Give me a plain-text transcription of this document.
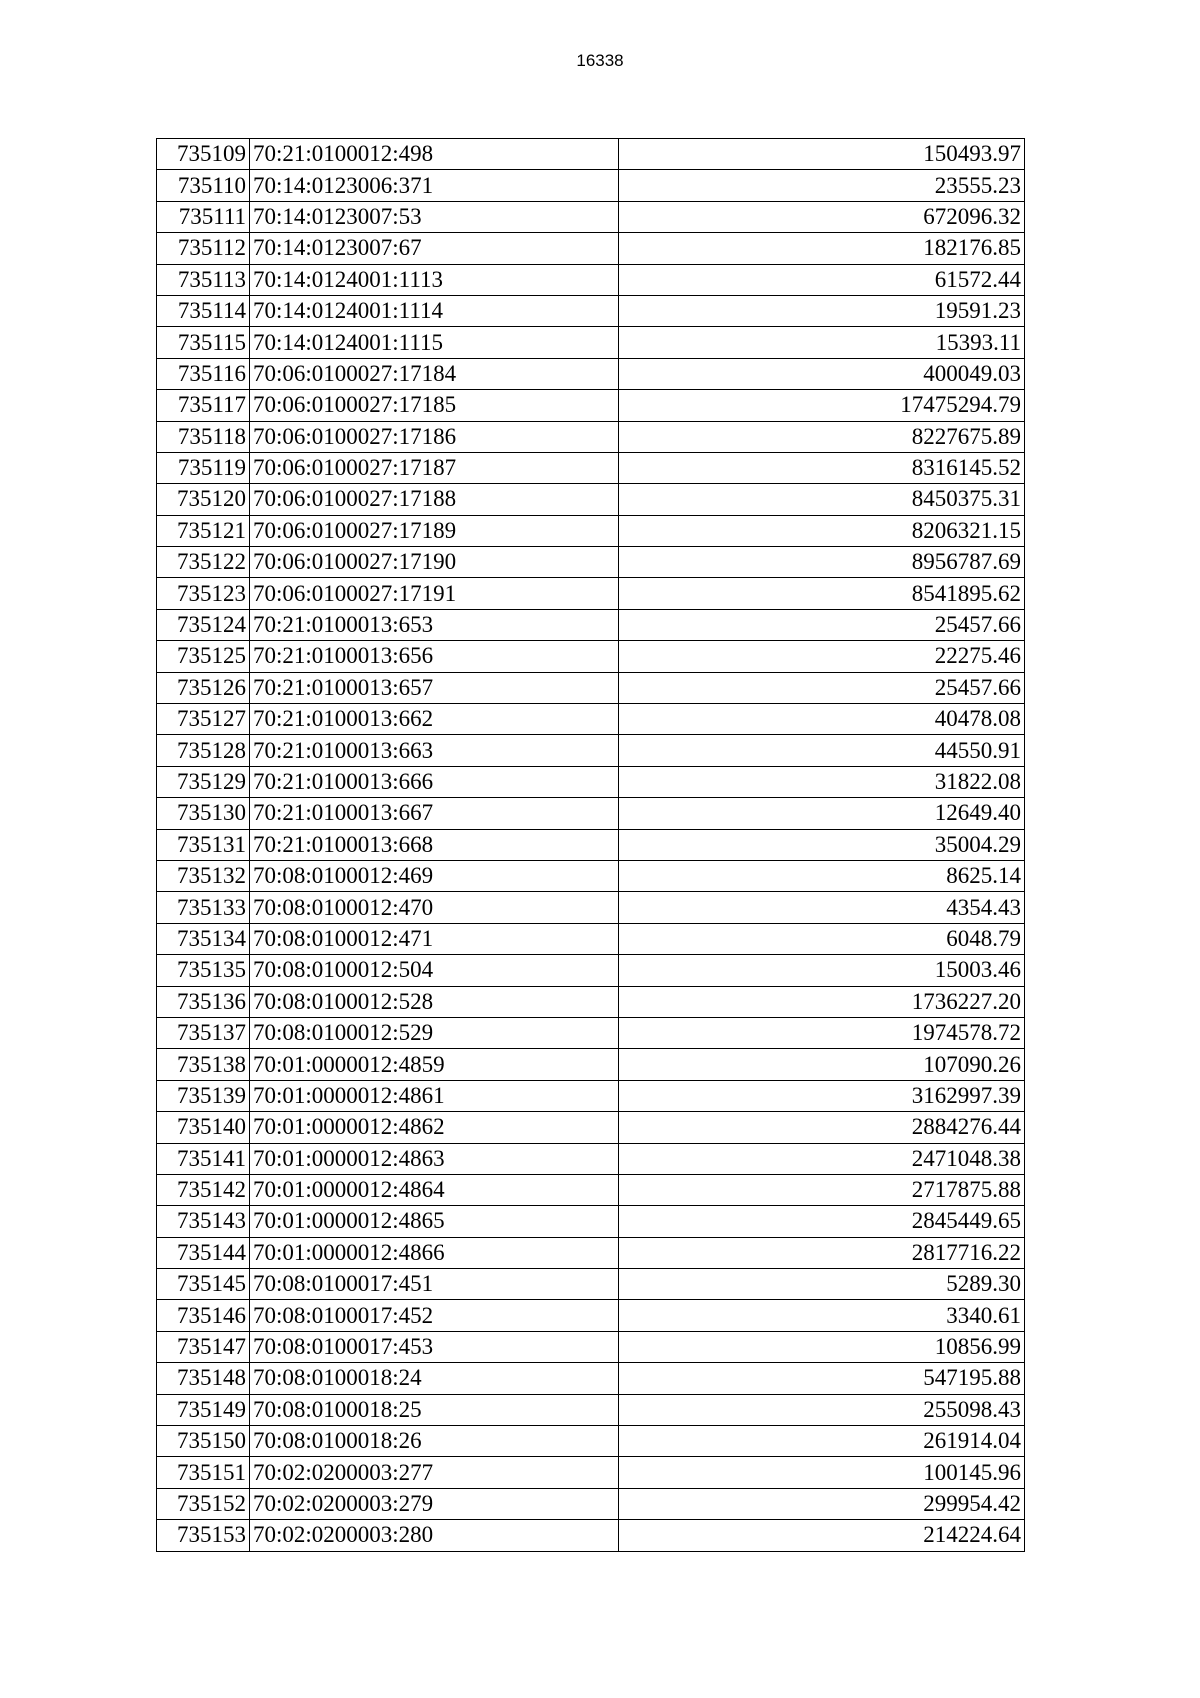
16338
735109	70:21:0100012:498	150493.97
735110	70:14:0123006:371	23555.23
735111	70:14:0123007:53	672096.32
735112	70:14:0123007:67	182176.85
735113	70:14:0124001:1113	61572.44
735114	70:14:0124001:1114	19591.23
735115	70:14:0124001:1115	15393.11
735116	70:06:0100027:17184	400049.03
735117	70:06:0100027:17185	17475294.79
735118	70:06:0100027:17186	8227675.89
735119	70:06:0100027:17187	8316145.52
735120	70:06:0100027:17188	8450375.31
735121	70:06:0100027:17189	8206321.15
735122	70:06:0100027:17190	8956787.69
735123	70:06:0100027:17191	8541895.62
735124	70:21:0100013:653	25457.66
735125	70:21:0100013:656	22275.46
735126	70:21:0100013:657	25457.66
735127	70:21:0100013:662	40478.08
735128	70:21:0100013:663	44550.91
735129	70:21:0100013:666	31822.08
735130	70:21:0100013:667	12649.40
735131	70:21:0100013:668	35004.29
735132	70:08:0100012:469	8625.14
735133	70:08:0100012:470	4354.43
735134	70:08:0100012:471	6048.79
735135	70:08:0100012:504	15003.46
735136	70:08:0100012:528	1736227.20
735137	70:08:0100012:529	1974578.72
735138	70:01:0000012:4859	107090.26
735139	70:01:0000012:4861	3162997.39
735140	70:01:0000012:4862	2884276.44
735141	70:01:0000012:4863	2471048.38
735142	70:01:0000012:4864	2717875.88
735143	70:01:0000012:4865	2845449.65
735144	70:01:0000012:4866	2817716.22
735145	70:08:0100017:451	5289.30
735146	70:08:0100017:452	3340.61
735147	70:08:0100017:453	10856.99
735148	70:08:0100018:24	547195.88
735149	70:08:0100018:25	255098.43
735150	70:08:0100018:26	261914.04
735151	70:02:0200003:277	100145.96
735152	70:02:0200003:279	299954.42
735153	70:02:0200003:280	214224.64
